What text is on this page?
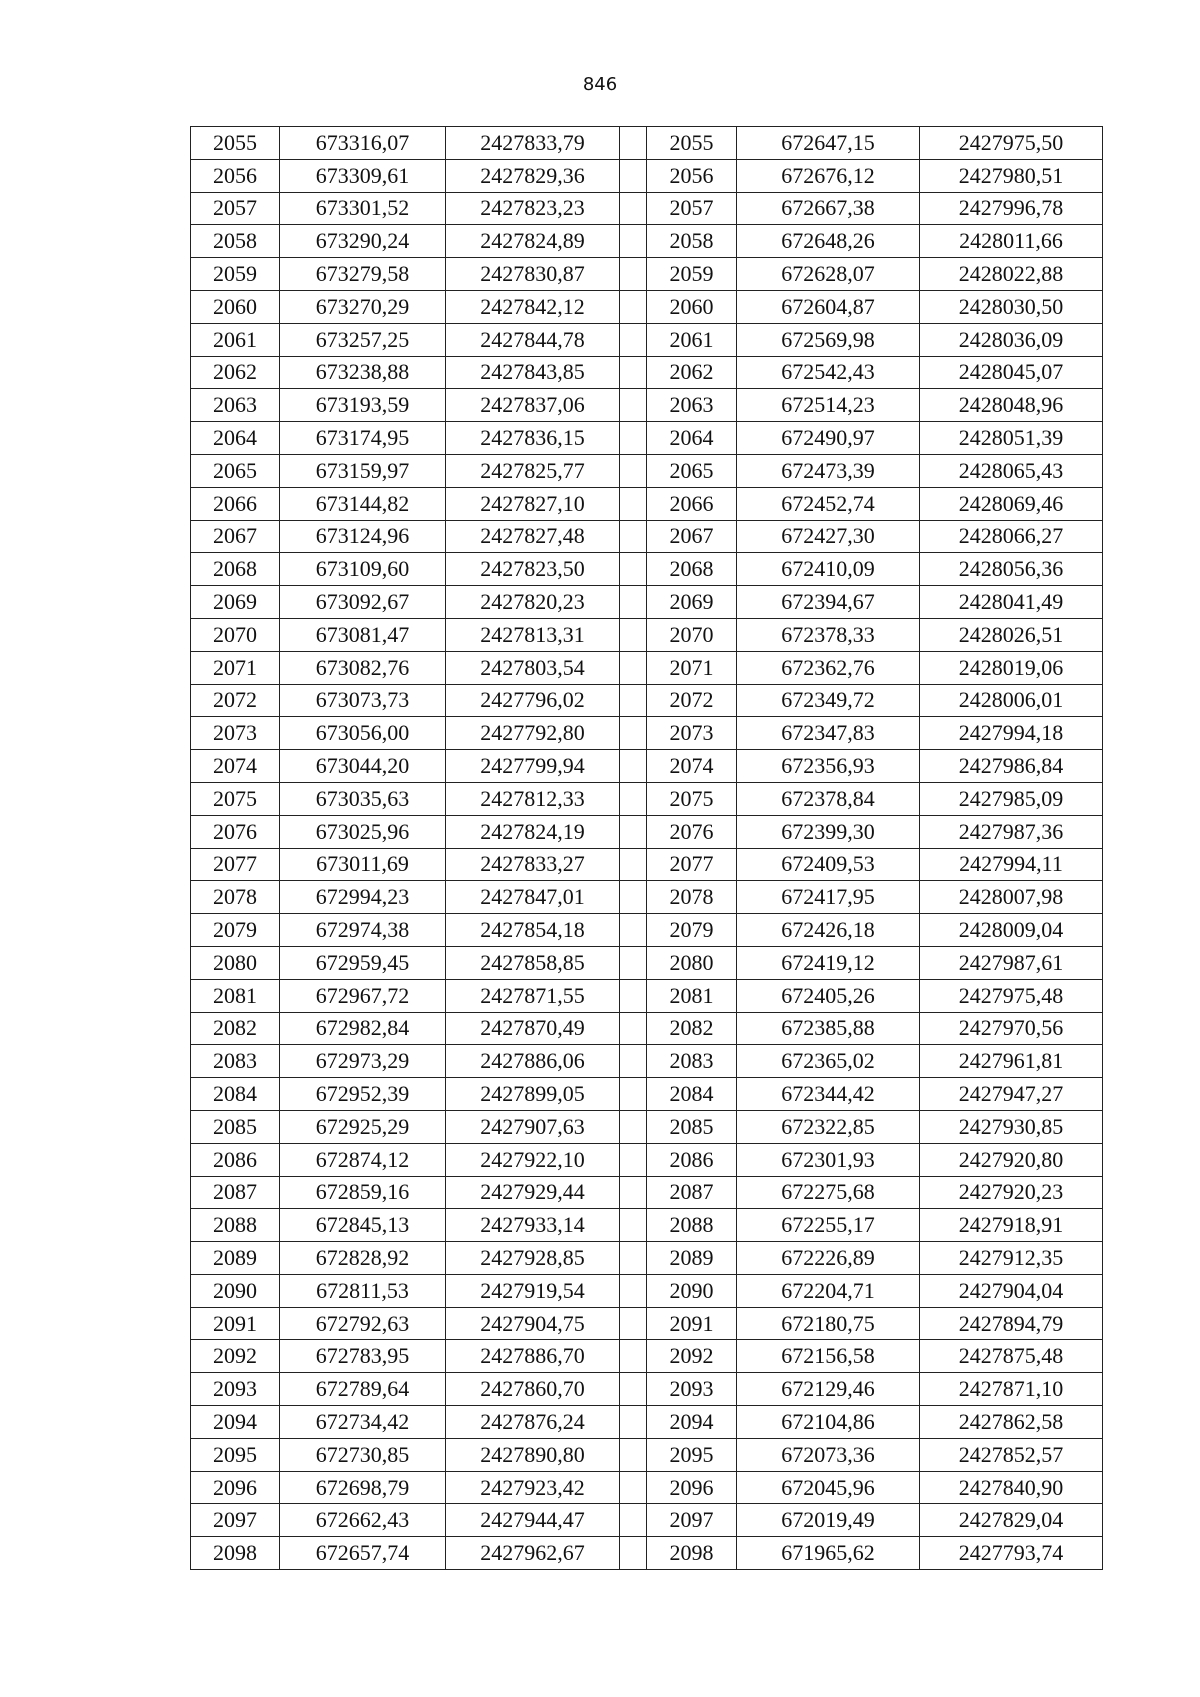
846
2055	673316,07	2427833,79		2055	672647,15	2427975,50
2056	673309,61	2427829,36		2056	672676,12	2427980,51
2057	673301,52	2427823,23		2057	672667,38	2427996,78
2058	673290,24	2427824,89		2058	672648,26	2428011,66
2059	673279,58	2427830,87		2059	672628,07	2428022,88
2060	673270,29	2427842,12		2060	672604,87	2428030,50
2061	673257,25	2427844,78		2061	672569,98	2428036,09
2062	673238,88	2427843,85		2062	672542,43	2428045,07
2063	673193,59	2427837,06		2063	672514,23	2428048,96
2064	673174,95	2427836,15		2064	672490,97	2428051,39
2065	673159,97	2427825,77		2065	672473,39	2428065,43
2066	673144,82	2427827,10		2066	672452,74	2428069,46
2067	673124,96	2427827,48		2067	672427,30	2428066,27
2068	673109,60	2427823,50		2068	672410,09	2428056,36
2069	673092,67	2427820,23		2069	672394,67	2428041,49
2070	673081,47	2427813,31		2070	672378,33	2428026,51
2071	673082,76	2427803,54		2071	672362,76	2428019,06
2072	673073,73	2427796,02		2072	672349,72	2428006,01
2073	673056,00	2427792,80		2073	672347,83	2427994,18
2074	673044,20	2427799,94		2074	672356,93	2427986,84
2075	673035,63	2427812,33		2075	672378,84	2427985,09
2076	673025,96	2427824,19		2076	672399,30	2427987,36
2077	673011,69	2427833,27		2077	672409,53	2427994,11
2078	672994,23	2427847,01		2078	672417,95	2428007,98
2079	672974,38	2427854,18		2079	672426,18	2428009,04
2080	672959,45	2427858,85		2080	672419,12	2427987,61
2081	672967,72	2427871,55		2081	672405,26	2427975,48
2082	672982,84	2427870,49		2082	672385,88	2427970,56
2083	672973,29	2427886,06		2083	672365,02	2427961,81
2084	672952,39	2427899,05		2084	672344,42	2427947,27
2085	672925,29	2427907,63		2085	672322,85	2427930,85
2086	672874,12	2427922,10		2086	672301,93	2427920,80
2087	672859,16	2427929,44		2087	672275,68	2427920,23
2088	672845,13	2427933,14		2088	672255,17	2427918,91
2089	672828,92	2427928,85		2089	672226,89	2427912,35
2090	672811,53	2427919,54		2090	672204,71	2427904,04
2091	672792,63	2427904,75		2091	672180,75	2427894,79
2092	672783,95	2427886,70		2092	672156,58	2427875,48
2093	672789,64	2427860,70		2093	672129,46	2427871,10
2094	672734,42	2427876,24		2094	672104,86	2427862,58
2095	672730,85	2427890,80		2095	672073,36	2427852,57
2096	672698,79	2427923,42		2096	672045,96	2427840,90
2097	672662,43	2427944,47		2097	672019,49	2427829,04
2098	672657,74	2427962,67		2098	671965,62	2427793,74
